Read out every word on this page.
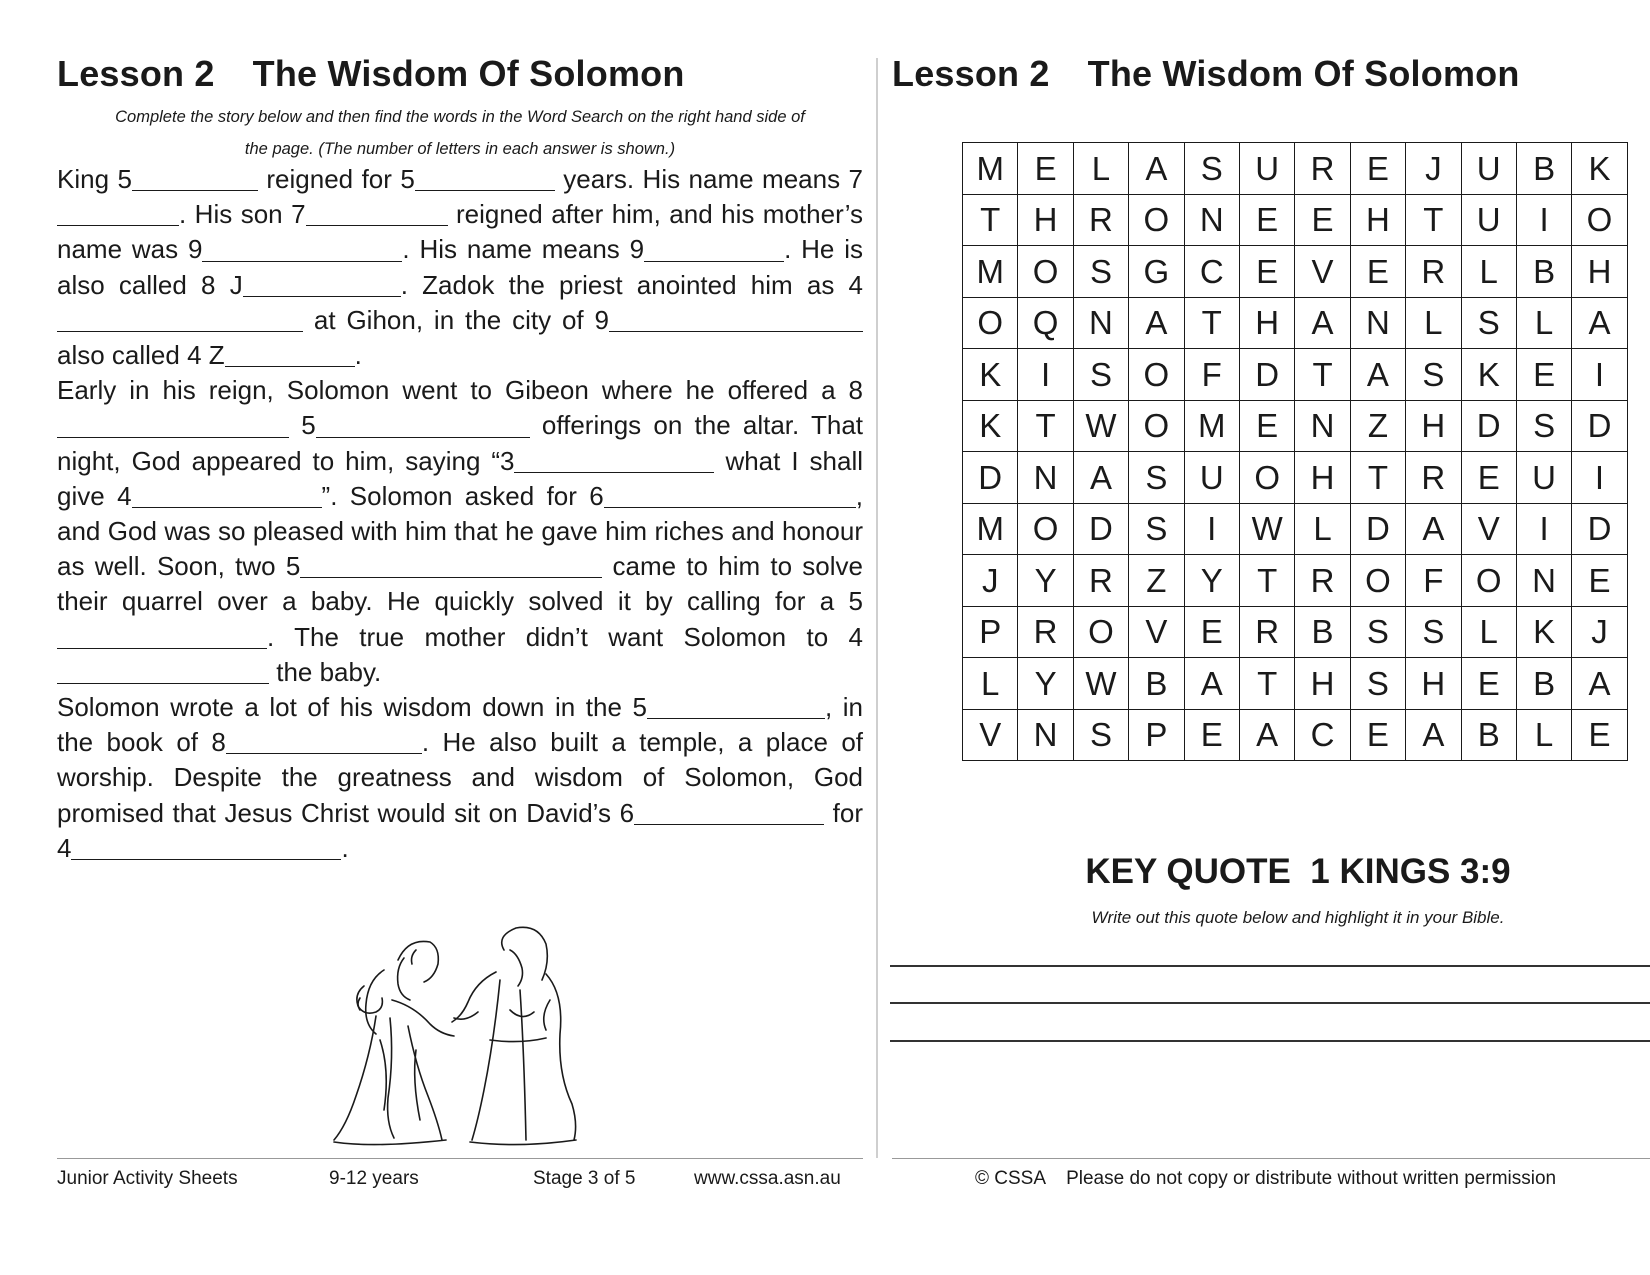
Lesson 2 The Wisdom Of Solomon

Complete the story below and then find the words in the Word Search on the right hand side of

the page. (The number of letters in each answer is shown.)

King 5	reigned for 5	years. His name means 7. His son 7	reigned after him, and his mother’s name was 9	. His name means 9	. He is also called 8 J	. Zadok the priest anointed him as 4 at Gihon, in the city of 9 also called 4 Z	.
Early in his reign, Solomon went to Gibeon where he offered a 8 5	offerings on the altar. That night, God appeared to him, saying “3	what I shall give 4	”. Solomon asked for 6	, and God was so pleased with him that he gave him riches and honour as well. Soon, two 5	came to him to solve their quarrel over a baby. He quickly solved it by calling for a 5. The true mother didn’t want Solomon to 4 the baby.
Solomon wrote a lot of his wisdom down in the 5	, in the book of 8	. He also built a temple, a place of worship. Despite the greatness and wisdom of Solomon, God promised that Jesus Christ would sit on David’s 6	for 4	.
Junior Activity Sheets	9-12 years	Stage 3 of 5	www.cssa.asn.au
Lesson 2 The Wisdom Of Solomon
M	E	L	A	S	U	R	E	J	U	B	K
T	H	R	O	N	E	E	H	T	U	I	O
M	O	S	G	C	E	V	E	R	L	B	H
O	Q	N	A	T	H	A	N	L	S	L	A
K	I	S	O	F	D	T	A	S	K	E	I
K	T	W	O	M	E	N	Z	H	D	S	D
D	N	A	S	U	O	H	T	R	E	U	I
M	O	D	S	I	W	L	D	A	V	I	D
J	Y	R	Z	Y	T	R	O	F	O	N	E
P	R	O	V	E	R	B	S	S	L	K	J
L	Y	W	B	A	T	H	S	H	E	B	A
V	N	S	P	E	A	C	E	A	B	L	E

KEY QUOTE  1 KINGS 3:9

Write out this quote below and highlight it in your Bible.

© CSSA    Please do not copy or distribute without written permission
